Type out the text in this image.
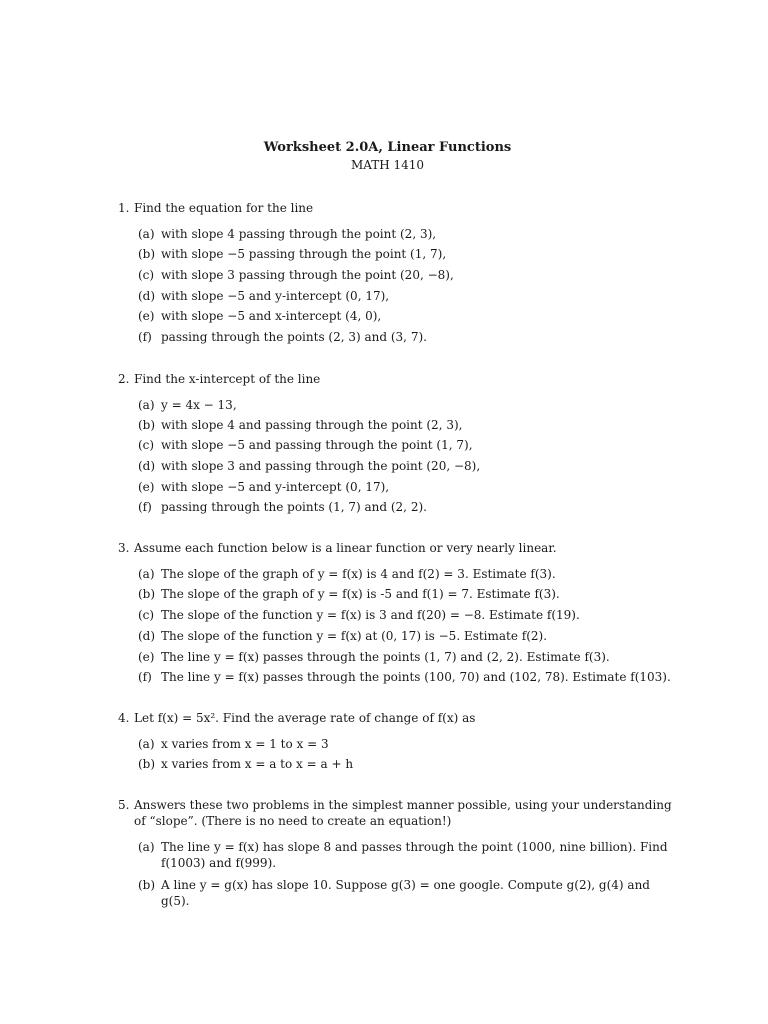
Worksheet 2.0A, Linear Functions
MATH 1410
1. Find the equation for the line
(a) with slope 4 passing through the point (2, 3),
(b) with slope −5 passing through the point (1, 7),
(c) with slope 3 passing through the point (20, −8),
(d) with slope −5 and y-intercept (0, 17),
(e) with slope −5 and x-intercept (4, 0),
(f) passing through the points (2, 3) and (3, 7).
2. Find the x-intercept of the line
(a) y = 4x − 13,
(b) with slope 4 and passing through the point (2, 3),
(c) with slope −5 and passing through the point (1, 7),
(d) with slope 3 and passing through the point (20, −8),
(e) with slope −5 and y-intercept (0, 17),
(f) passing through the points (1, 7) and (2, 2).
3. Assume each function below is a linear function or very nearly linear.
(a) The slope of the graph of y = f(x) is 4 and f(2) = 3. Estimate f(3).
(b) The slope of the graph of y = f(x) is -5 and f(1) = 7. Estimate f(3).
(c) The slope of the function y = f(x) is 3 and f(20) = −8. Estimate f(19).
(d) The slope of the function y = f(x) at (0, 17) is −5. Estimate f(2).
(e) The line y = f(x) passes through the points (1, 7) and (2, 2). Estimate f(3).
(f) The line y = f(x) passes through the points (100, 70) and (102, 78). Estimate f(103).
4. Let f(x) = 5x². Find the average rate of change of f(x) as
(a) x varies from x = 1 to x = 3
(b) x varies from x = a to x = a + h
5. Answers these two problems in the simplest manner possible, using your understanding of “slope”. (There is no need to create an equation!)
(a) The line y = f(x) has slope 8 and passes through the point (1000, nine billion). Find f(1003) and f(999).
(b) A line y = g(x) has slope 10. Suppose g(3) = one google. Compute g(2), g(4) and g(5).
